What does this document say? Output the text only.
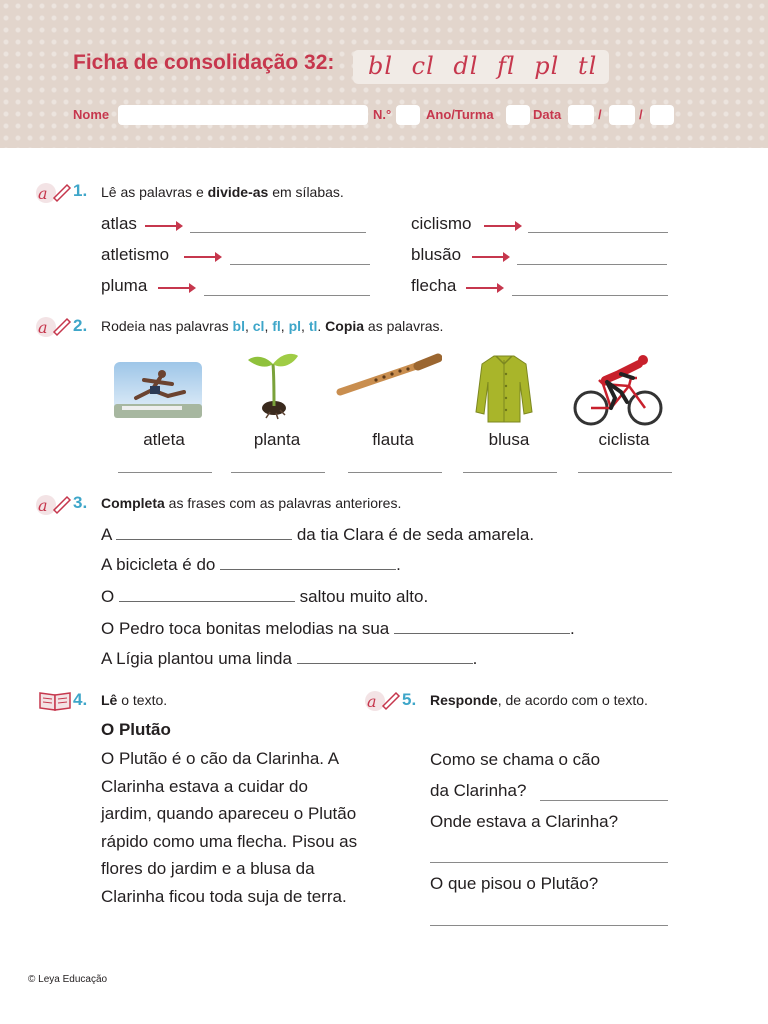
Ficha de consolidação 32: bl cl dl fl pl tl
Nome	N.°	Ano/Turma	Data	/	/
a 1. Lê as palavras e divide-as em sílabas.
atlas
atletismo
pluma
ciclismo
blusão
flecha
a 2. Rodeia nas palavras bl, cl, fl, pl, tl. Copia as palavras.
atleta	planta	flauta	blusa	ciclista
a 3. Completa as frases com as palavras anteriores.
A	da tia Clara é de seda amarela.
A bicicleta é do	.
O	saltou muito alto.
O Pedro toca bonitas melodias na sua	.
A Lígia plantou uma linda	.
4. Lê o texto.
O Plutão
O Plutão é o cão da Clarinha. A Clarinha estava a cuidar do jardim, quando apareceu o Plutão rápido como uma flecha. Pisou as flores do jardim e a blusa da Clarinha ficou toda suja de terra.
a 5. Responde, de acordo com o texto.
Como se chama o cão
da Clarinha?
Onde estava a Clarinha?
O que pisou o Plutão?
© Leya Educação
